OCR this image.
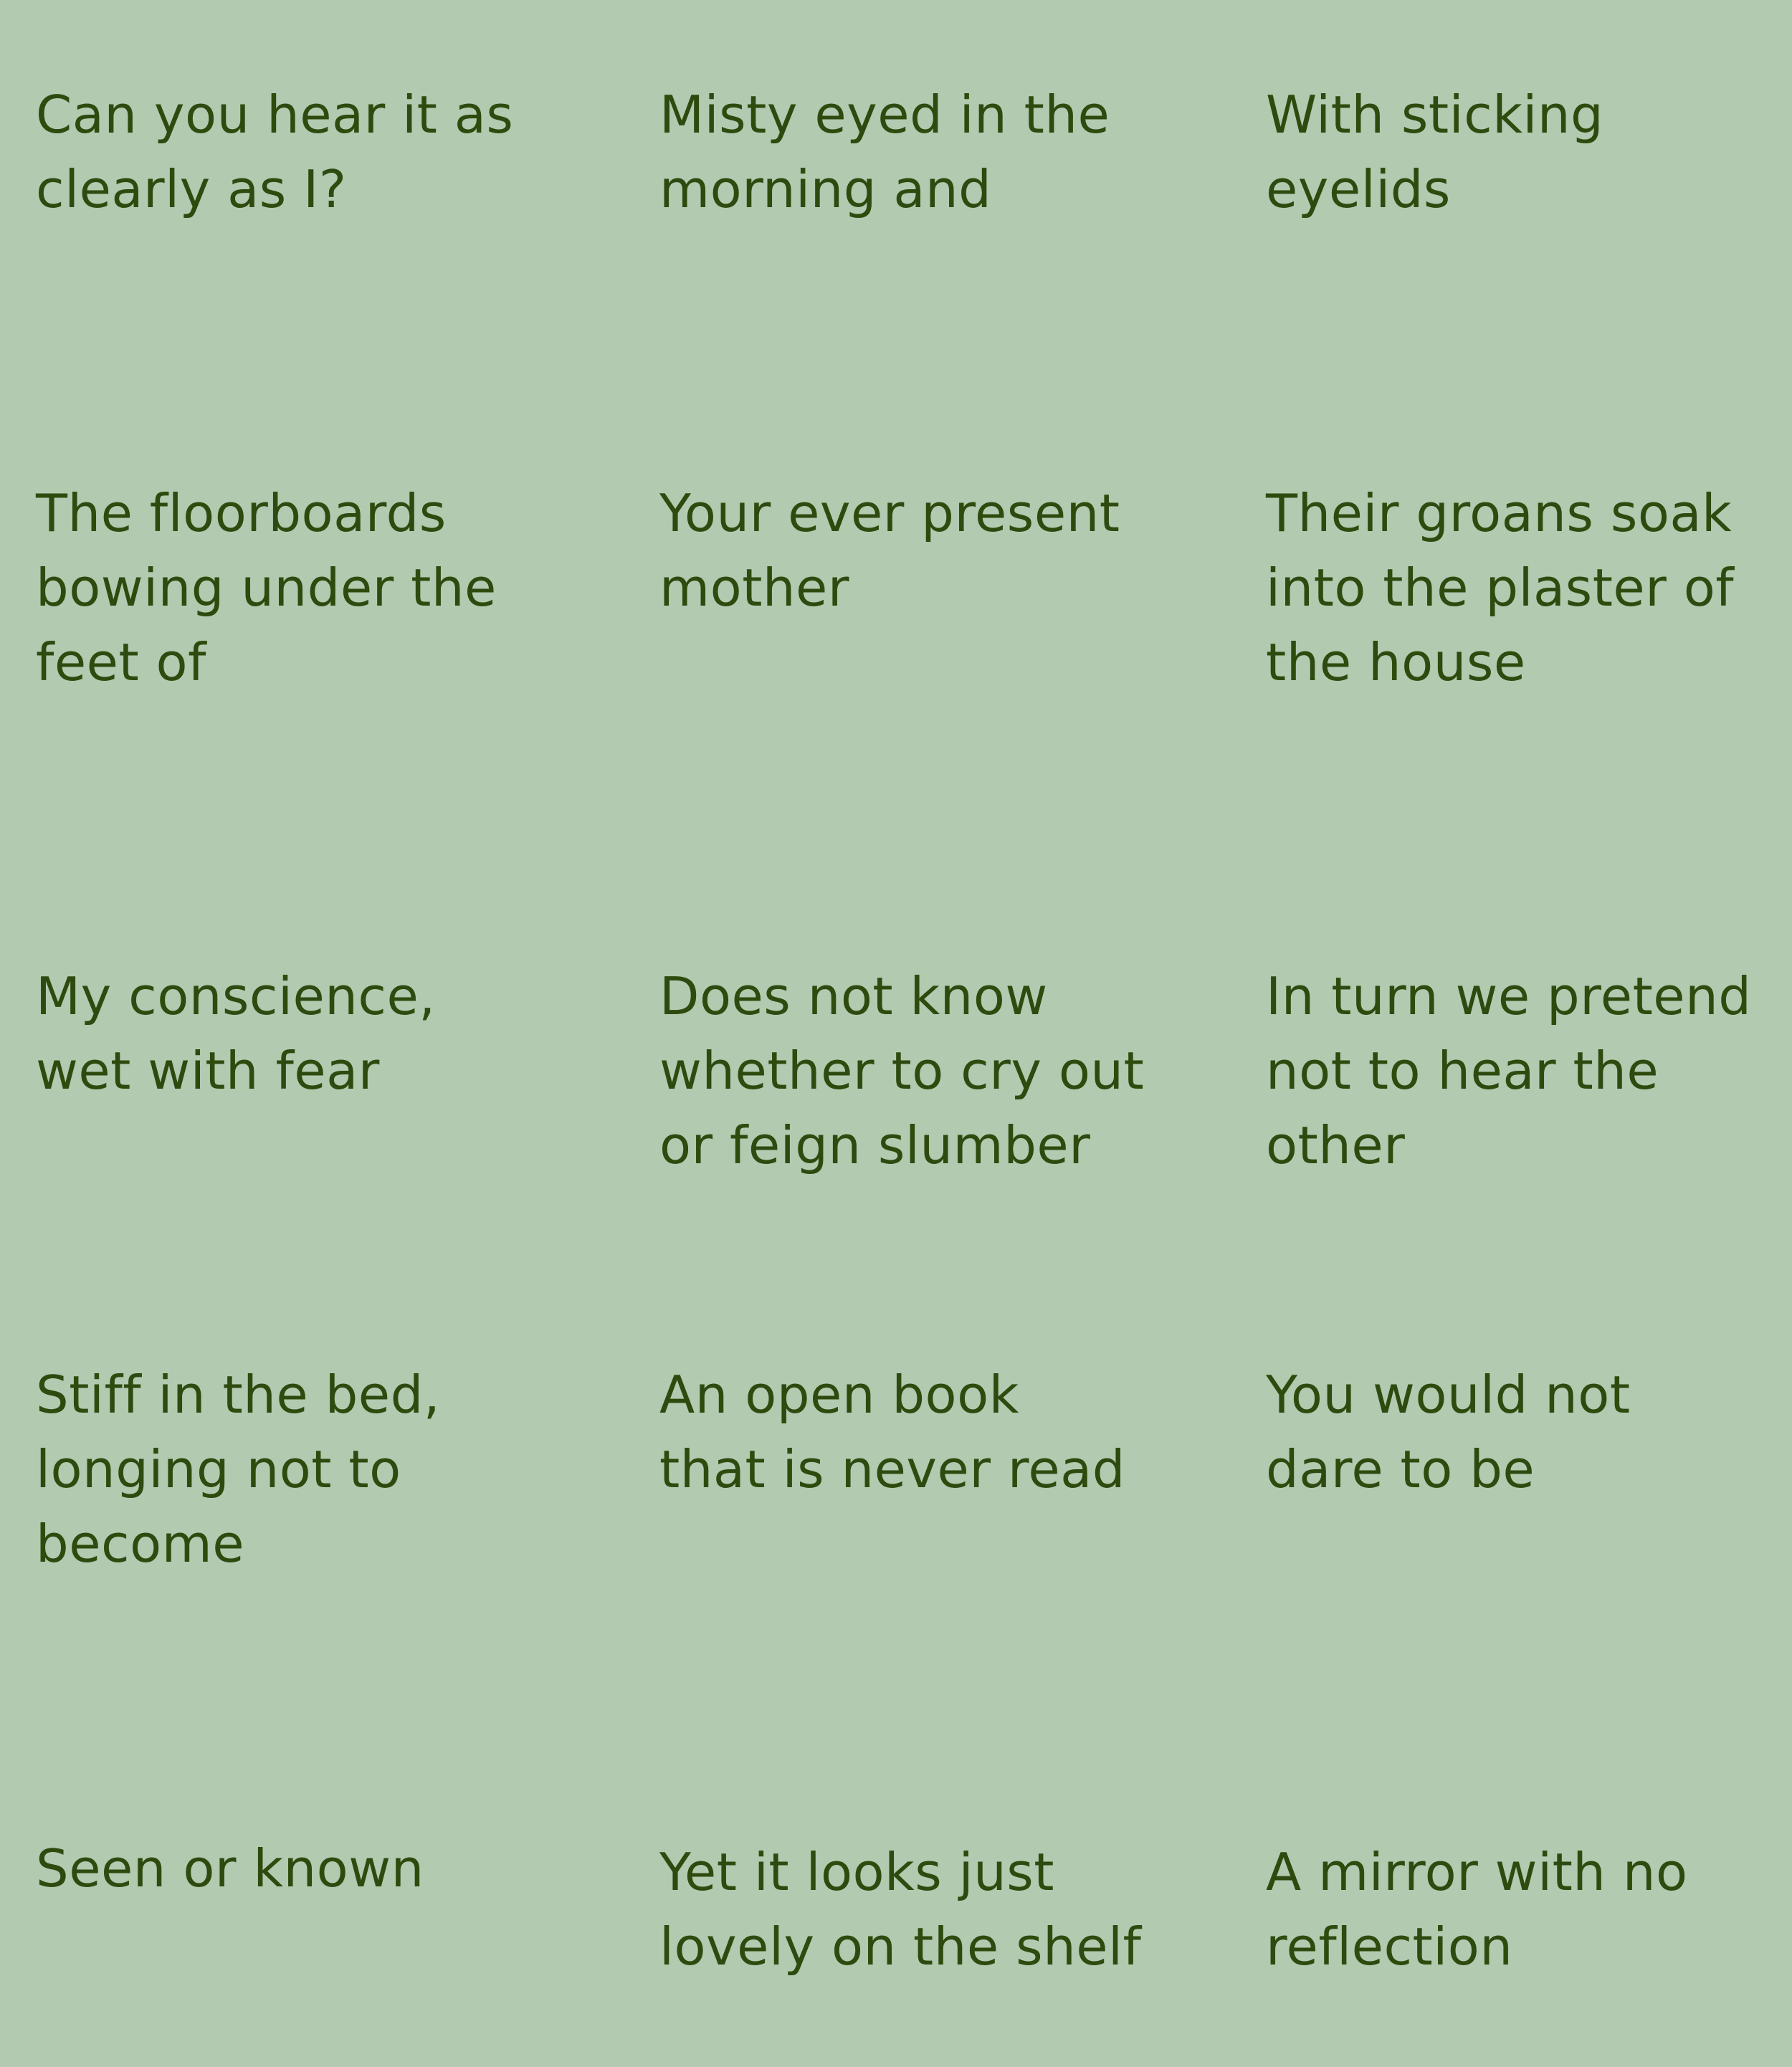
Can you hear it as
clearly as I?

Misty eyed in the
morning and

With sticking
eyelids

The floorboards
bowing under the
feet of

Your ever present
mother

Their groans soak
into the plaster of
the house

My conscience,
wet with fear

Does not know
whether to cry out
or feign slumber

In turn we pretend
not to hear the
other

Stiff in the bed,
longing not to
become

An open book
that is never read

You would not
dare to be

Seen or known	Yet it looks just
lovely on the shelf

A mirror with no
reflection
